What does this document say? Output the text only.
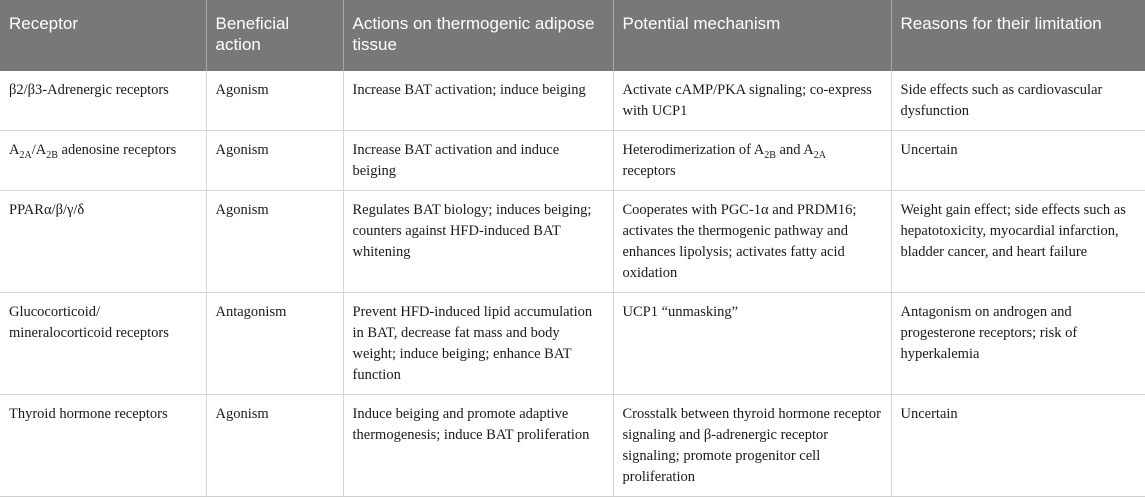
Receptor	Beneficial action	Actions on thermogenic adipose tissue	Potential mechanism	Reasons for their limitation
β2/β3-Adrenergic receptors	Agonism	Increase BAT activation; induce beiging	Activate cAMP/PKA signaling; co-express with UCP1	Side effects such as cardiovascular dysfunction
$A_{2A}/A_{2B}$ adenosine receptors	Agonism	Increase BAT activation and induce beiging	Heterodimerization of $A_{2B}$ and $A_{2A}$ receptors	Uncertain
PPARα/β/γ/δ	Agonism	Regulates BAT biology; induces beiging; counters against HFD-induced BAT whitening	Cooperates with PGC-1α and PRDM16; activates the thermogenic pathway and enhances lipolysis; activates fatty acid oxidation	Weight gain effect; side effects such as hepatotoxicity, myocardial infarction, bladder cancer, and heart failure
Glucocorticoid/ mineralocorticoid receptors	Antagonism	Prevent HFD-induced lipid accumulation in BAT, decrease fat mass and body weight; induce beiging; enhance BAT function	UCP1 “unmasking”	Antagonism on androgen and progesterone receptors; risk of hyperkalemia
Thyroid hormone receptors	Agonism	Induce beiging and promote adaptive thermogenesis; induce BAT proliferation	Crosstalk between thyroid hormone receptor signaling and β-adrenergic receptor signaling; promote progenitor cell proliferation	Uncertain
